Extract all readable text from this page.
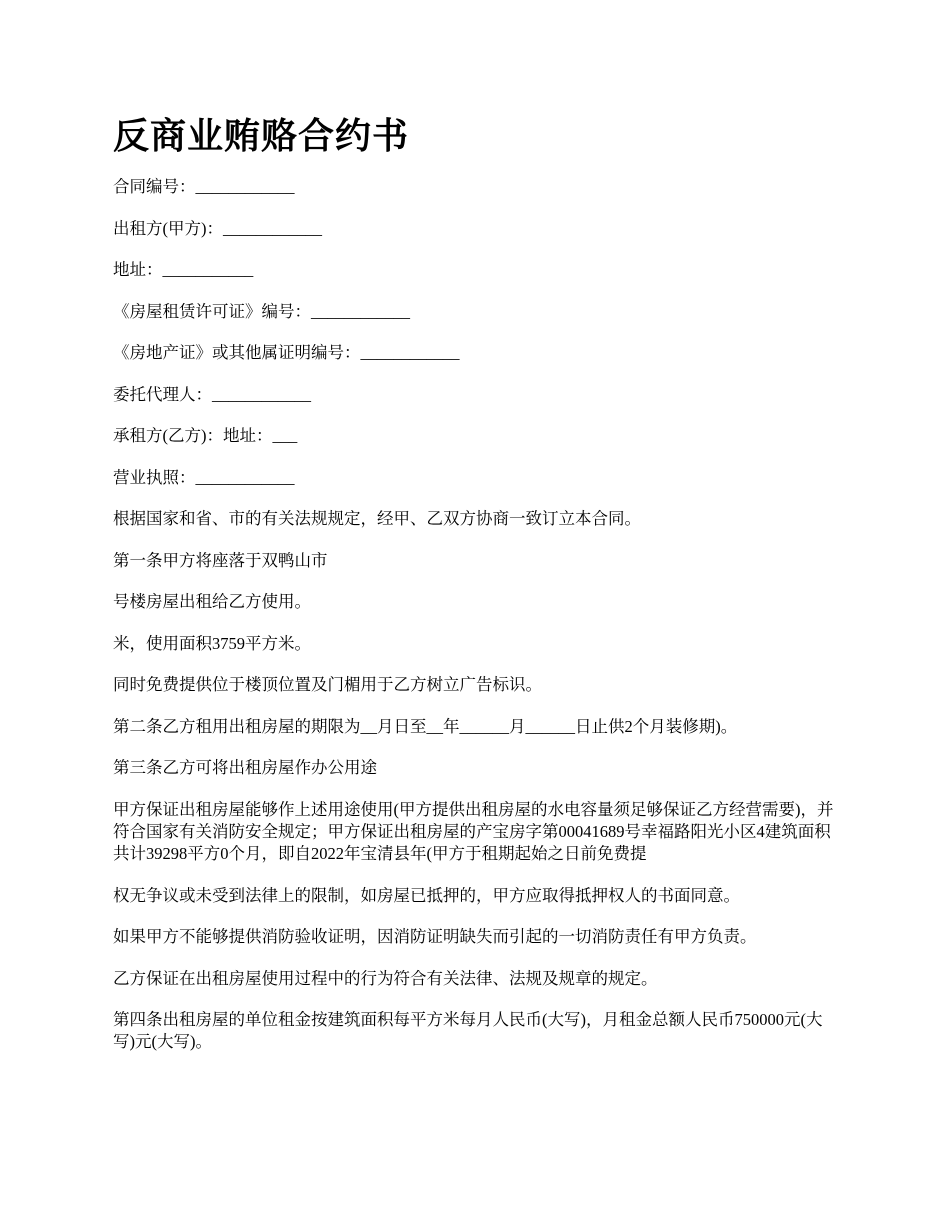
反商业贿赂合约书

合同编号：____________

出租方(甲方)：____________

地址：___________

《房屋租赁许可证》编号：____________

《房地产证》或其他属证明编号：____________

委托代理人：____________

承租方(乙方)：地址：___

营业执照：____________

根据国家和省、市的有关法规规定，经甲、乙双方协商一致订立本合同。

第一条甲方将座落于双鸭山市

号楼房屋出租给乙方使用。

米，使用面积3759平方米。

同时免费提供位于楼顶位置及门楣用于乙方树立广告标识。

第二条乙方租用出租房屋的期限为__月日至__年______月______日止供2个月装修期)。

第三条乙方可将出租房屋作办公用途

甲方保证出租房屋能够作上述用途使用(甲方提供出租房屋的水电容量须足够保证乙方经营需要)，并符合国家有关消防安全规定；甲方保证出租房屋的产宝房字第00041689号幸福路阳光小区4建筑面积共计39298平方0个月，即自2022年宝清县年(甲方于租期起始之日前免费提

权无争议或未受到法律上的限制，如房屋已抵押的，甲方应取得抵押权人的书面同意。

如果甲方不能够提供消防验收证明，因消防证明缺失而引起的一切消防责任有甲方负责。

乙方保证在出租房屋使用过程中的行为符合有关法律、法规及规章的规定。

第四条出租房屋的单位租金按建筑面积每平方米每月人民币(大写)，月租金总额人民币750000元(大写)元(大写)。
